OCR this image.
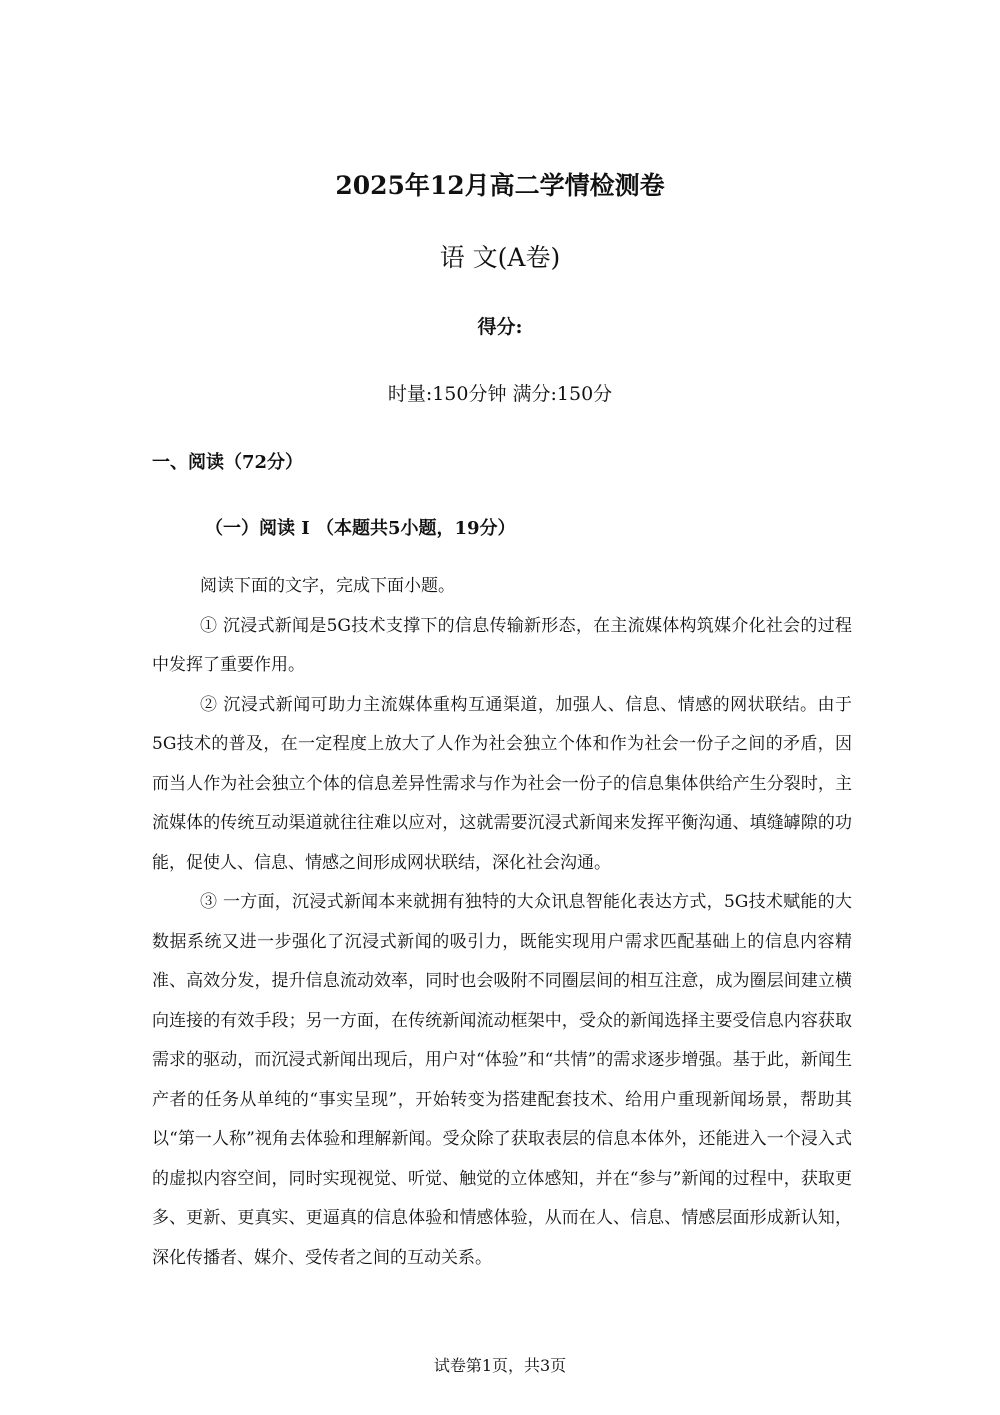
2025年12月高二学情检测卷
语 文(A卷)
得分:
时量:150分钟 满分:150分
一、阅读（72分）
（一）阅读 I （本题共5小题，19分）

阅读下面的文字，完成下面小题。

① 沉浸式新闻是5G技术支撑下的信息传输新形态，在主流媒体构筑媒介化社会的过程中发挥了重要作用。

② 沉浸式新闻可助力主流媒体重构互通渠道，加强人、信息、情感的网状联结。由于5G技术的普及，在一定程度上放大了人作为社会独立个体和作为社会一份子之间的矛盾，因而当人作为社会独立个体的信息差异性需求与作为社会一份子的信息集体供给产生分裂时，主流媒体的传统互动渠道就往往难以应对，这就需要沉浸式新闻来发挥平衡沟通、填缝罅隙的功能，促使人、信息、情感之间形成网状联结，深化社会沟通。

③ 一方面，沉浸式新闻本来就拥有独特的大众讯息智能化表达方式，5G技术赋能的大数据系统又进一步强化了沉浸式新闻的吸引力，既能实现用户需求匹配基础上的信息内容精准、高效分发，提升信息流动效率，同时也会吸附不同圈层间的相互注意，成为圈层间建立横向连接的有效手段；另一方面，在传统新闻流动框架中，受众的新闻选择主要受信息内容获取需求的驱动，而沉浸式新闻出现后，用户对“体验”和“共情”的需求逐步增强。基于此，新闻生产者的任务从单纯的“事实呈现”，开始转变为搭建配套技术、给用户重现新闻场景，帮助其以“第一人称”视角去体验和理解新闻。受众除了获取表层的信息本体外，还能进入一个浸入式的虚拟内容空间，同时实现视觉、听觉、触觉的立体感知，并在“参与”新闻的过程中，获取更多、更新、更真实、更逼真的信息体验和情感体验，从而在人、信息、情感层面形成新认知，深化传播者、媒介、受传者之间的互动关系。

试卷第1页，共3页
